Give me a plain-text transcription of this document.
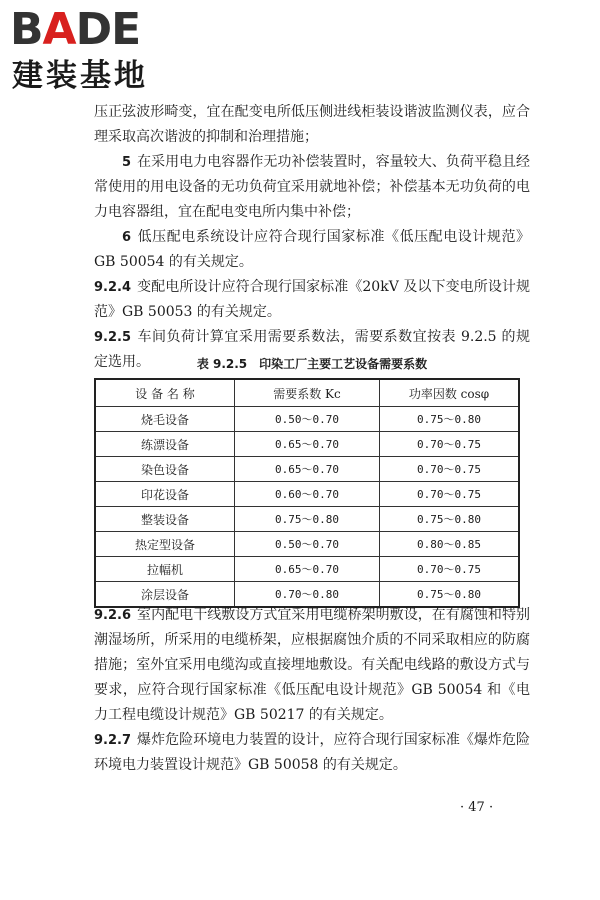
BADE
建装基地

压正弦波形畸变，宜在配变电所低压侧进线柜装设谐波监测仪表，应合理采取高次谐波的抑制和治理措施；

5 在采用电力电容器作无功补偿装置时，容量较大、负荷平稳且经常使用的用电设备的无功负荷宜采用就地补偿；补偿基本无功负荷的电力电容器组，宜在配电变电所内集中补偿；

6 低压配电系统设计应符合现行国家标准《低压配电设计规范》GB 50054 的有关规定。

9.2.4 变配电所设计应符合现行国家标准《20kV 及以下变电所设计规范》GB 50053 的有关规定。

9.2.5 车间负荷计算宜采用需要系数法，需要系数宜按表 9.2.5 的规定选用。	表 9.2.5　印染工厂主要工艺设备需要系数
设 备 名 称	需要系数 Kc	功率因数 cosφ
烧毛设备	0.50～0.70	0.75～0.80
练漂设备	0.65～0.70	0.70～0.75
染色设备	0.65～0.70	0.70～0.75
印花设备	0.60～0.70	0.70～0.75
整装设备	0.75～0.80	0.75～0.80
热定型设备	0.50～0.70	0.80～0.85
拉幅机	0.65～0.70	0.70～0.75
涂层设备	0.70～0.80	0.75～0.80

9.2.6 室内配电干线敷设方式宜采用电缆桥架明敷设，在有腐蚀和特别潮湿场所，所采用的电缆桥架，应根据腐蚀介质的不同采取相应的防腐措施；室外宜采用电缆沟或直接埋地敷设。有关配电线路的敷设方式与要求，应符合现行国家标准《低压配电设计规范》GB 50054 和《电力工程电缆设计规范》GB 50217 的有关规定。

9.2.7 爆炸危险环境电力装置的设计，应符合现行国家标准《爆炸危险环境电力装置设计规范》GB 50058 的有关规定。

· 47 ·
